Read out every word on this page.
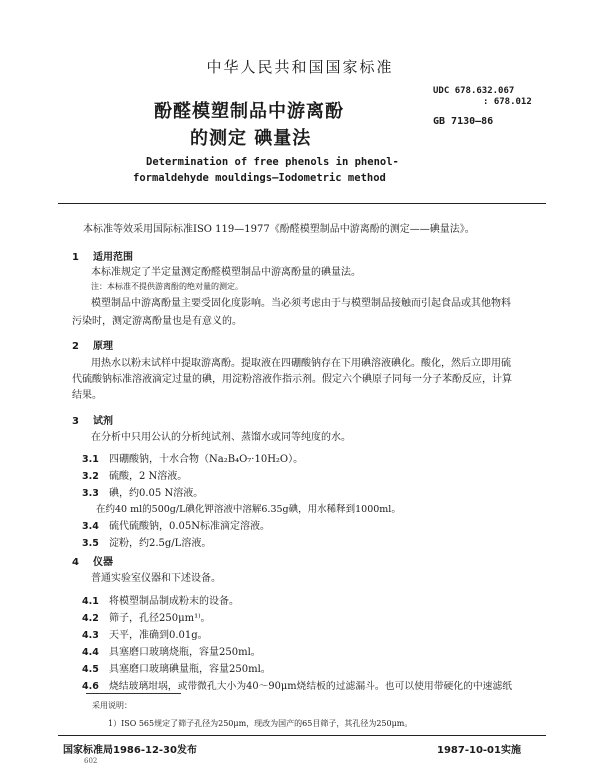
中华人民共和国国家标准
酚醛模塑制品中游离酚
的测定 碘量法
UDC 678.632.067
: 678.012
GB 7130—86
Determination of free phenols in phenol-
formaldehyde mouldings—Iodometric method
本标准等效采用国际标准ISO 119—1977《酚醛模塑制品中游离酚的测定——碘量法》。
1 适用范围
本标准规定了半定量测定酚醛模塑制品中游离酚量的碘量法。
注：本标准不提供游离酚的绝对量的测定。
模塑制品中游离酚量主要受固化度影响。当必须考虑由于与模塑制品接触而引起食品或其他物料
污染时，测定游离酚量也是有意义的。
2 原理
用热水以粉末试样中提取游离酚。提取液在四硼酸钠存在下用碘溶液碘化。酸化，然后立即用硫
代硫酸钠标准溶液滴定过量的碘，用淀粉溶液作指示剂。假定六个碘原子同每一分子苯酚反应，计算
结果。
3 试剂
在分析中只用公认的分析纯试剂、蒸馏水或同等纯度的水。
3.1 四硼酸钠，十水合物（Na₂B₄O₇·10H₂O）。
3.2 硫酸，2 N溶液。
3.3 碘，约0.05 N溶液。
在约40 ml的500g/L碘化钾溶液中溶解6.35g碘，用水稀释到1000ml。
3.4 硫代硫酸钠，0.05N标准滴定溶液。
3.5 淀粉，约2.5g/L溶液。
4 仪器
普通实验室仪器和下述设备。
4.1 将模塑制品制成粉末的设备。
4.2 筛子，孔径250μm¹⁾。
4.3 天平，准确到0.01g。
4.4 具塞磨口玻璃烧瓶，容量250ml。
4.5 具塞磨口玻璃碘量瓶，容量250ml。
4.6 烧结玻璃坩埚，或带微孔大小为40～90μm烧结板的过滤漏斗。也可以使用带硬化的中速滤纸
采用说明：
1）ISO 565规定了筛子孔径为250μm，现改为国产的65目筛子，其孔径为250μm。
国家标准局1986-12-30发布	1987-10-01实施
602
